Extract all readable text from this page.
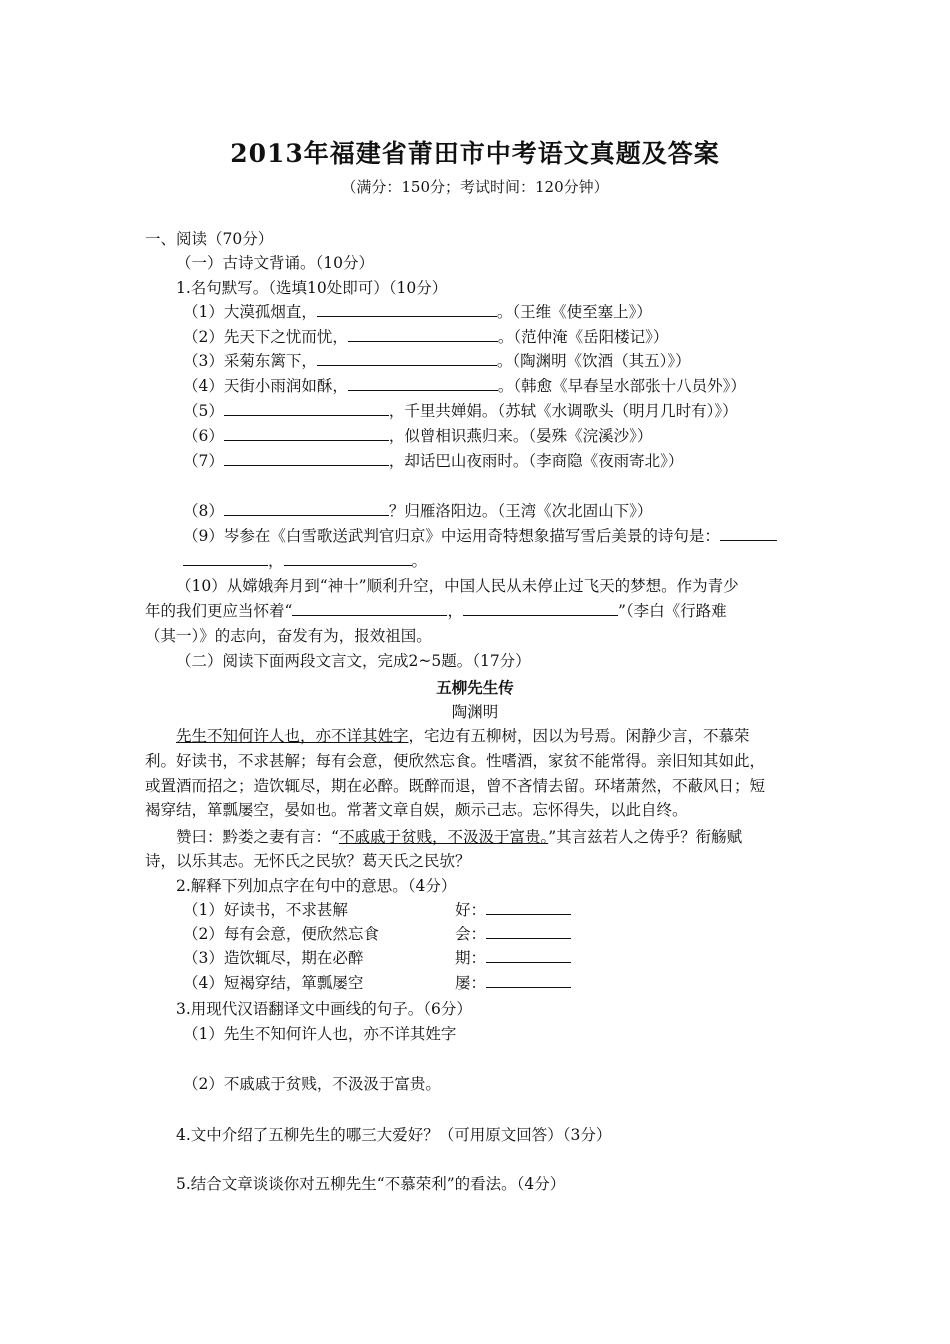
2013年福建省莆田市中考语文真题及答案
（满分：150分；考试时间：120分钟）
一、阅读（70分）
（一）古诗文背诵。（10分）
1.名句默写。（选填10处即可）（10分）
（1）大漠孤烟直，	。（王维《使至塞上》）
（2）先天下之忧而忧，	。（范仲淹《岳阳楼记》）
（3）采菊东篱下，	。（陶渊明《饮酒（其五）》）
（4）天街小雨润如酥，	。（韩愈《早春呈水部张十八员外》）
（5）	，千里共婵娟。（苏轼《水调歌头（明月几时有）》）
（6）	，似曾相识燕归来。（晏殊《浣溪沙》）
（7）	，却话巴山夜雨时。（李商隐《夜雨寄北》）
（8）	？归雁洛阳边。（王湾《次北固山下》）
（9）岑参在《白雪歌送武判官归京》中运用奇特想象描写雪后美景的诗句是：
，	。
（10）从嫦娥奔月到“神十”顺利升空，中国人民从未停止过飞天的梦想。作为青少
年的我们更应当怀着“	，	”（李白《行路难
（其一）》的志向，奋发有为，报效祖国。
（二）阅读下面两段文言文，完成2~5题。（17分）
五柳先生传
陶渊明
先生不知何许人也，亦不详其姓字，宅边有五柳树，因以为号焉。闲静少言，不慕荣
利。好读书，不求甚解；每有会意，便欣然忘食。性嗜酒，家贫不能常得。亲旧知其如此，
或置酒而招之；造饮辄尽，期在必醉。既醉而退，曾不吝情去留。环堵萧然，不蔽风日；短
褐穿结，箪瓢屡空，晏如也。常著文章自娱，颇示己志。忘怀得失，以此自终。
赞曰：黔娄之妻有言：“不戚戚于贫贱，不汲汲于富贵。”其言兹若人之俦乎？衔觞赋
诗，以乐其志。无怀氏之民欤？葛天氏之民欤？
2.解释下列加点字在句中的意思。（4分）
（1）好读书，不求甚解	好：
（2）每有会意，便欣然忘食	会：
（3）造饮辄尽，期在必醉	期：
（4）短褐穿结，箪瓢屡空	屡：
3.用现代汉语翻译文中画线的句子。（6分）
（1）先生不知何许人也，亦不详其姓字
（2）不戚戚于贫贱，不汲汲于富贵。
4.文中介绍了五柳先生的哪三大爱好？（可用原文回答）（3分）
5.结合文章谈谈你对五柳先生“不慕荣利”的看法。（4分）
